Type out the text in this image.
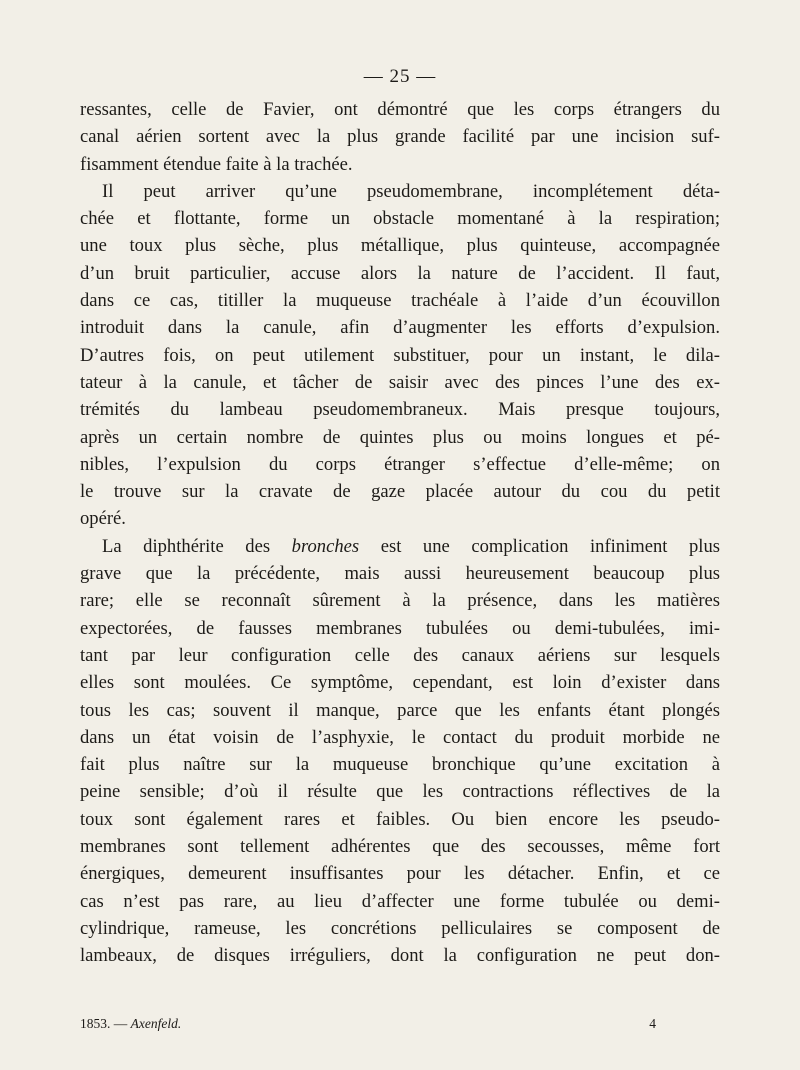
— 25 —
ressantes, celle de Favier, ont démontré que les corps étrangers du
canal aérien sortent avec la plus grande facilité par une incision suf-
fisamment étendue faite à la trachée.
Il peut arriver qu’une pseudomembrane, incomplétement déta-
chée et flottante, forme un obstacle momentané à la respiration;
une toux plus sèche, plus métallique, plus quinteuse, accompagnée
d’un bruit particulier, accuse alors la nature de l’accident. Il faut,
dans ce cas, titiller la muqueuse trachéale à l’aide d’un écouvillon
introduit dans la canule, afin d’augmenter les efforts d’expulsion.
D’autres fois, on peut utilement substituer, pour un instant, le dila-
tateur à la canule, et tâcher de saisir avec des pinces l’une des ex-
trémités du lambeau pseudomembraneux. Mais presque toujours,
après un certain nombre de quintes plus ou moins longues et pé-
nibles, l’expulsion du corps étranger s’effectue d’elle-même; on
le trouve sur la cravate de gaze placée autour du cou du petit
opéré.
La diphthérite des bronches est une complication infiniment plus
grave que la précédente, mais aussi heureusement beaucoup plus
rare; elle se reconnaît sûrement à la présence, dans les matières
expectorées, de fausses membranes tubulées ou demi-tubulées, imi-
tant par leur configuration celle des canaux aériens sur lesquels
elles sont moulées. Ce symptôme, cependant, est loin d’exister dans
tous les cas; souvent il manque, parce que les enfants étant plongés
dans un état voisin de l’asphyxie, le contact du produit morbide ne
fait plus naître sur la muqueuse bronchique qu’une excitation à
peine sensible; d’où il résulte que les contractions réflectives de la
toux sont également rares et faibles. Ou bien encore les pseudo-
membranes sont tellement adhérentes que des secousses, même fort
énergiques, demeurent insuffisantes pour les détacher. Enfin, et ce
cas n’est pas rare, au lieu d’affecter une forme tubulée ou demi-
cylindrique, rameuse, les concrétions pelliculaires se composent de
lambeaux, de disques irréguliers, dont la configuration ne peut don-
1853. — Axenfeld.	4
